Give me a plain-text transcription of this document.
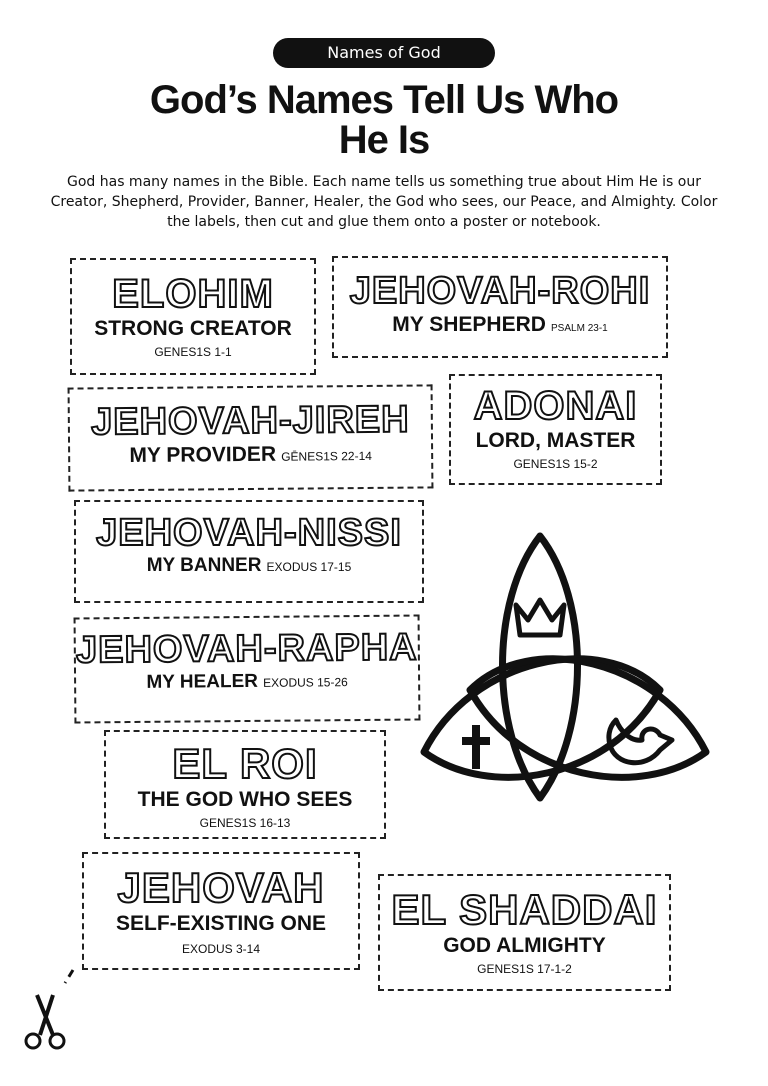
Names of God
God’s Names Tell Us Who
He Is
God has many names in the Bible. Each name tells us something true about Him He is our Creator, Shepherd, Provider, Banner, Healer, the God who sees, our Peace, and Almighty. Color the labels, then cut and glue them onto a poster or notebook.
ELOHIM
STRONG CREATOR
GENES1S 1-1
JEHOVAH-ROHI
MY SHEPHERD PSALM 23-1
JEHOVAH-JIREH
MY PROVIDER GĒNES1S 22-14
ADONAI
LORD, MASTER
GENES1S 15-2
JEHOVAH-NISSI
MY BANNER EXODUS 17-15
JEHOVAH-RAPHA
MY HEALER EXODUS 15-26
EL ROI
THE GOD WHO SEES
GENES1S 16-13
JEHOVAH
SELF-EXISTING ONE
EXODUS 3-14
EL SHADDAI
GOD ALMIGHTY
GENES1S 17-1-2
